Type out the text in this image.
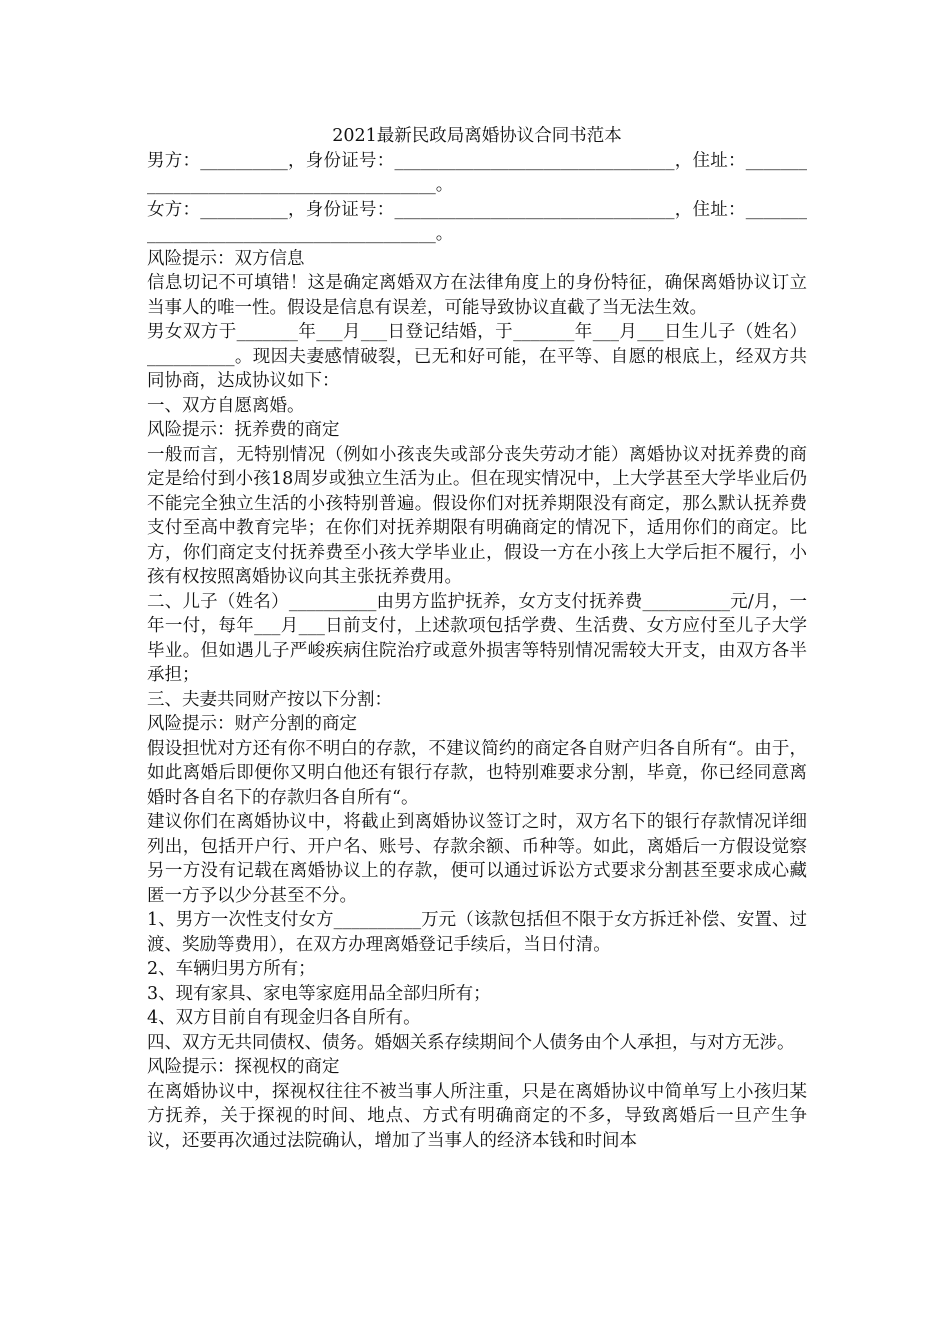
2021最新民政局离婚协议合同书范本

男方：__________，身份证号：________________________________，住址：________________________________________。

女方：__________，身份证号：________________________________，住址：________________________________________。

风险提示：双方信息

信息切记不可填错！这是确定离婚双方在法律角度上的身份特征，确保离婚协议订立当事人的唯一性。假设是信息有误差，可能导致协议直截了当无法生效。

男女双方于_______年___月___日登记结婚，于_______年___月___日生儿子（姓名）__________。现因夫妻感情破裂，已无和好可能，在平等、自愿的根底上，经双方共同协商，达成协议如下：

一、双方自愿离婚。

风险提示：抚养费的商定

一般而言，无特别情况（例如小孩丧失或部分丧失劳动才能）离婚协议对抚养费的商定是给付到小孩18周岁或独立生活为止。但在现实情况中，上大学甚至大学毕业后仍不能完全独立生活的小孩特别普遍。假设你们对抚养期限没有商定，那么默认抚养费支付至高中教育完毕；在你们对抚养期限有明确商定的情况下，适用你们的商定。比方，你们商定支付抚养费至小孩大学毕业止，假设一方在小孩上大学后拒不履行，小孩有权按照离婚协议向其主张抚养费用。

二、儿子（姓名）__________由男方监护抚养，女方支付抚养费__________元/月，一年一付，每年___月___日前支付，上述款项包括学费、生活费、女方应付至儿子大学毕业。但如遇儿子严峻疾病住院治疗或意外损害等特别情况需较大开支，由双方各半承担；

三、夫妻共同财产按以下分割：

风险提示：财产分割的商定

假设担忧对方还有你不明白的存款，不建议简约的商定各自财产归各自所有“。由于，如此离婚后即便你又明白他还有银行存款，也特别难要求分割，毕竟，你已经同意离婚时各自名下的存款归各自所有“。

建议你们在离婚协议中，将截止到离婚协议签订之时，双方名下的银行存款情况详细列出，包括开户行、开户名、账号、存款余额、币种等。如此，离婚后一方假设觉察另一方没有记载在离婚协议上的存款，便可以通过诉讼方式要求分割甚至要求成心藏匿一方予以少分甚至不分。

1、男方一次性支付女方__________万元（该款包括但不限于女方拆迁补偿、安置、过渡、奖励等费用），在双方办理离婚登记手续后，当日付清。

2、车辆归男方所有；

3、现有家具、家电等家庭用品全部归所有；

4、双方目前自有现金归各自所有。

四、双方无共同债权、债务。婚姻关系存续期间个人债务由个人承担，与对方无涉。

风险提示：探视权的商定

在离婚协议中，探视权往往不被当事人所注重，只是在离婚协议中简单写上小孩归某方抚养，关于探视的时间、地点、方式有明确商定的不多，导致离婚后一旦产生争议，还要再次通过法院确认，增加了当事人的经济本钱和时间本
